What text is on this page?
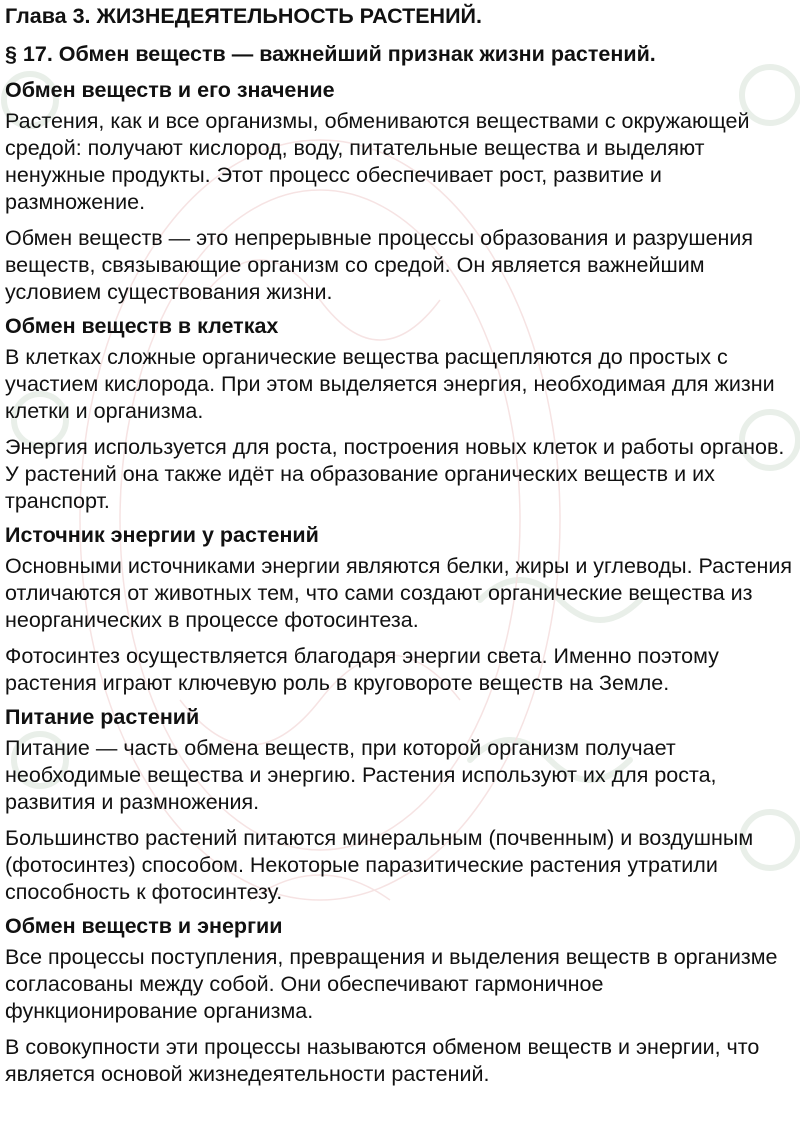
Глава 3. ЖИЗНЕДЕЯТЕЛЬНОСТЬ РАСТЕНИЙ.
§ 17. Обмен веществ — важнейший признак жизни растений.
Обмен веществ и его значение

Растения, как и все организмы, обмениваются веществами с окружающей средой: получают кислород, воду, питательные вещества и выделяют ненужные продукты. Этот процесс обеспечивает рост, развитие и размножение.

Обмен веществ — это непрерывные процессы образования и разрушения веществ, связывающие организм со средой. Он является важнейшим условием существования жизни.

Обмен веществ в клетках

В клетках сложные органические вещества расщепляются до простых с участием кислорода. При этом выделяется энергия, необходимая для жизни клетки и организма.

Энергия используется для роста, построения новых клеток и работы органов. У растений она также идёт на образование органических веществ и их транспорт.

Источник энергии у растений

Основными источниками энергии являются белки, жиры и углеводы. Растения отличаются от животных тем, что сами создают органические вещества из неорганических в процессе фотосинтеза.

Фотосинтез осуществляется благодаря энергии света. Именно поэтому растения играют ключевую роль в круговороте веществ на Земле.

Питание растений

Питание — часть обмена веществ, при которой организм получает необходимые вещества и энергию. Растения используют их для роста, развития и размножения.

Большинство растений питаются минеральным (почвенным) и воздушным (фотосинтез) способом. Некоторые паразитические растения утратили способность к фотосинтезу.

Обмен веществ и энергии

Все процессы поступления, превращения и выделения веществ в организме согласованы между собой. Они обеспечивают гармоничное функционирование организма.

В совокупности эти процессы называются обменом веществ и энергии, что является основой жизнедеятельности растений.
